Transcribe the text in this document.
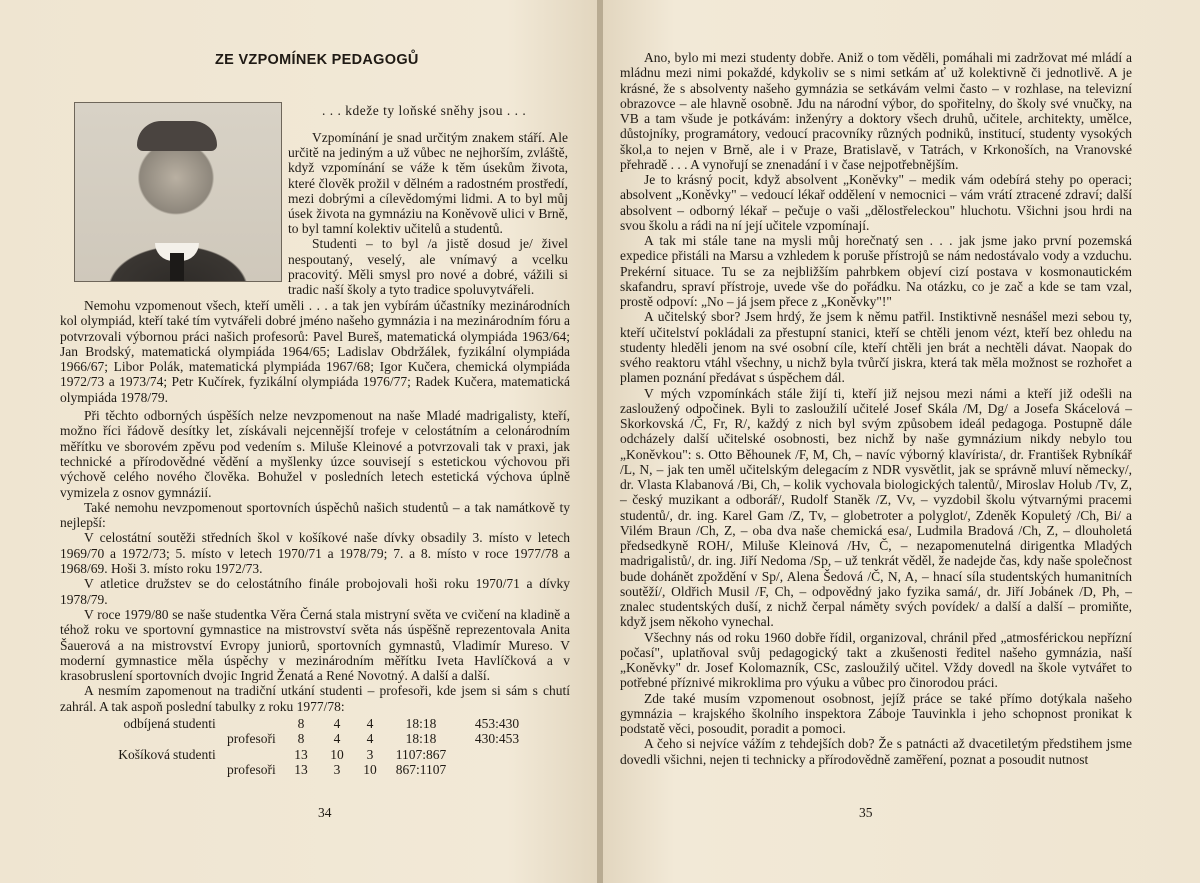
ZE VZPOMÍNEK PEDAGOGŮ
. . . kdeže ty loňské sněhy jsou . . .

Vzpomínání je snad určitým znakem stáří. Ale určitě na jediným a už vůbec ne nejhorším, zvláště, když vzpomínání se váže k těm úsekům života, které člověk prožil v dělném a radostném prostředí, mezi dobrými a cílevědomými lidmi. A to byl můj úsek života na gymnáziu na Koněvově ulici v Brně, to byl tamní kolektiv učitelů a studentů.

Studenti – to byl /a jistě dosud je/ živel nespoutaný, veselý, ale vnímavý a vcelku pracovitý. Měli smysl pro nové a dobré, vážili si tradic naší školy a tyto tradice spoluvytvářeli.

Nemohu vzpomenout všech, kteří uměli . . . a tak jen vybírám účastníky mezinárodních kol olympiád, kteří také tím vytvářeli dobré jméno našeho gymnázia i na mezinárodním fóru a potvrzovali výbornou práci našich profesorů: Pavel Bureš, matematická olympiáda 1963/64; Jan Brodský, matematická olympiáda 1964/65; Ladislav Obdržálek, fyzikální olympiáda 1966/67; Libor Polák, matematická plympiáda 1967/68; Igor Kučera, chemická olympiáda 1972/73 a 1973/74; Petr Kučírek, fyzikální olympiáda 1976/77; Radek Kučera, matematická olympiáda 1978/79.

Při těchto odborných úspěších nelze nevzpomenout na naše Mladé madrigalisty, kteří, možno říci řádově desítky let, získávali nejcennější trofeje v celostátním a celonárodním měřítku ve sborovém zpěvu pod vedením s. Miluše Kleinové a potvrzovali tak v praxi, jak technické a přírodovědné vědění a myšlenky úzce souvisejí s estetickou výchovou při výchově celého nového člověka. Bohužel v posledních letech estetická výchova úplně vymizela z osnov gymnázií.

Také nemohu nevzpomenout sportovních úspěchů našich studentů – a tak namátkově ty nejlepší:

V celostátní soutěži středních škol v košíkové naše dívky obsadily 3. místo v letech 1969/70 a 1972/73; 5. místo v letech 1970/71 a 1978/79; 7. a 8. místo v roce 1977/78 a 1968/69. Hoši 3. místo roku 1972/73.

V atletice družstev se do celostátního finále probojovali hoši roku 1970/71 a dívky 1978/79.

V roce 1979/80 se naše studentka Věra Černá stala mistryní světa ve cvičení na kladině a téhož roku ve sportovní gymnastice na mistrovství světa nás úspěšně reprezentovala Anita Šauerová a na mistrovství Evropy juniorů, sportovních gymnastů, Vladimír Mureso. V moderní gymnastice měla úspěchy v mezinárodním měřítku Iveta Havlíčková a v krasobruslení sportovních dvojic Ingrid Ženatá a René Novotný. A další a další.

A nesmím zapomenout na tradiční utkání studenti – profesoři, kde jsem si sám s chutí zahrál. A tak aspoň poslední tabulky z roku 1977/78:

odbíjená	studenti	8	4	4	18:18	453:430
	profesoři	8	4	4	18:18	430:453
Košíková	studenti	13	10	3	1107:867	
	profesoři	13	3	10	867:1107	
34	35

Ano, bylo mi mezi studenty dobře. Aniž o tom věděli, pomáhali mi zadržovat mé mládí a mládnu mezi nimi pokaždé, kdykoliv se s nimi setkám ať už kolektivně či jednotlivě. A je krásné, že s absolventy našeho gymnázia se setkávám velmi často – v rozhlase, na televizní obrazovce – ale hlavně osobně. Jdu na národní výbor, do spořitelny, do školy své vnučky, na VB a tam všude je potkávám: inženýry a doktory všech druhů, učitele, architekty, umělce, důstojníky, programátory, vedoucí pracovníky různých podniků, institucí, studenty vysokých škol,a to nejen v Brně, ale i v Praze, Bratislavě, v Tatrách, v Krkonoších, na Vranovské přehradě . . . A vynořují se znenadání i v čase nejpotřebnějším.

Je to krásný pocit, když absolvent „Koněvky" – medik vám odebírá stehy po operaci; absolvent „Koněvky" – vedoucí lékař oddělení v nemocnici – vám vrátí ztracené zdraví; další absolvent – odborný lékař – pečuje o vaši „dělostřeleckou" hluchotu. Všichni jsou hrdi na svou školu a rádi na ní její učitele vzpomínají.

A tak mi stále tane na mysli můj horečnatý sen . . . jak jsme jako první pozemská expedice přistáli na Marsu a vzhledem k poruše přístrojů se nám nedostávalo vody a vzduchu. Prekérní situace. Tu se za nejbližším pahrbkem objeví cizí postava v kosmonautickém skafandru, spraví přístroje, uvede vše do pořádku. Na otázku, co je zač a kde se tam vzal, prostě odpoví: „No – já jsem přece z „Koněvky"!"

A učitelský sbor? Jsem hrdý, že jsem k němu patřil. Instiktivně nesnášel mezi sebou ty, kteří učitelství pokládali za přestupní stanici, kteří se chtěli jenom vézt, kteří bez ohledu na studenty hleděli jenom na své osobní cíle, kteří chtěli jen brát a nechtěli dávat. Naopak do svého reaktoru vtáhl všechny, u nichž byla tvůrčí jiskra, která tak měla možnost se rozhořet a plamen poznání předávat s úspěchem dál.

V mých vzpomínkách stále žijí ti, kteří již nejsou mezi námi a kteří již odešli na zasloužený odpočinek. Byli to zasloužilí učitelé Josef Skála /M, Dg/ a Josefa Skácelová – Skorkovská /Č, Fr, R/, každý z nich byl svým způsobem ideál pedagoga. Postupně dále odcházely další učitelské osobnosti, bez nichž by naše gymnázium nikdy nebylo tou „Koněvkou": s. Otto Běhounek /F, M, Ch, – navíc výborný klavírista/, dr. František Rybníkář /L, N, – jak ten uměl učitelským delegacím z NDR vysvětlit, jak se správně mluví německy/, dr. Vlasta Klabanová /Bi, Ch, – kolik vychovala biologických talentů/, Miroslav Holub /Tv, Z, – český muzikant a odborář/, Rudolf Staněk /Z, Vv, – vyzdobil školu výtvarnými pracemi studentů/, dr. ing. Karel Gam /Z, Tv, – globetroter a polyglot/, Zdeněk Kopuletý /Ch, Bi/ a Vilém Braun /Ch, Z, – oba dva naše chemická esa/, Ludmila Bradová /Ch, Z, – dlouholetá předsedkyně ROH/, Miluše Kleinová /Hv, Č, – nezapomenutelná dirigentka Mladých madrigalistů/, dr. ing. Jiří Nedoma /Sp, – už tenkrát věděl, že nadejde čas, kdy naše společnost bude dohánět zpoždění v Sp/, Alena Šedová /Č, N, A, – hnací síla studentských humanitních soutěží/, Oldřich Musil /F, Ch, – odpovědný jako fyzika samá/, dr. Jiří Jobánek /D, Ph, – znalec studentských duší, z nichž čerpal náměty svých povídek/ a další a další – promiňte, když jsem někoho vynechal.

Všechny nás od roku 1960 dobře řídil, organizoval, chránil před „atmosférickou nepřízní počasí", uplatňoval svůj pedagogický takt a zkušenosti ředitel našeho gymnázia, naší „Koněvky" dr. Josef Kolomazník, CSc, zasloužilý učitel. Vždy dovedl na škole vytvářet to potřebné příznivé mikroklima pro výuku a vůbec pro činorodou práci.

Zde také musím vzpomenout osobnost, jejíž práce se také přímo dotýkala našeho gymnázia – krajského školního inspektora Záboje Tauvinkla i jeho schopnost pronikat k podstatě věci, posoudit, poradit a pomoci.

A čeho si nejvíce vážím z tehdejších dob? Že s patnácti až dvacetiletým předstihem jsme dovedli všichni, nejen ti technicky a přírodovědně zaměření, poznat a posoudit nutnost
